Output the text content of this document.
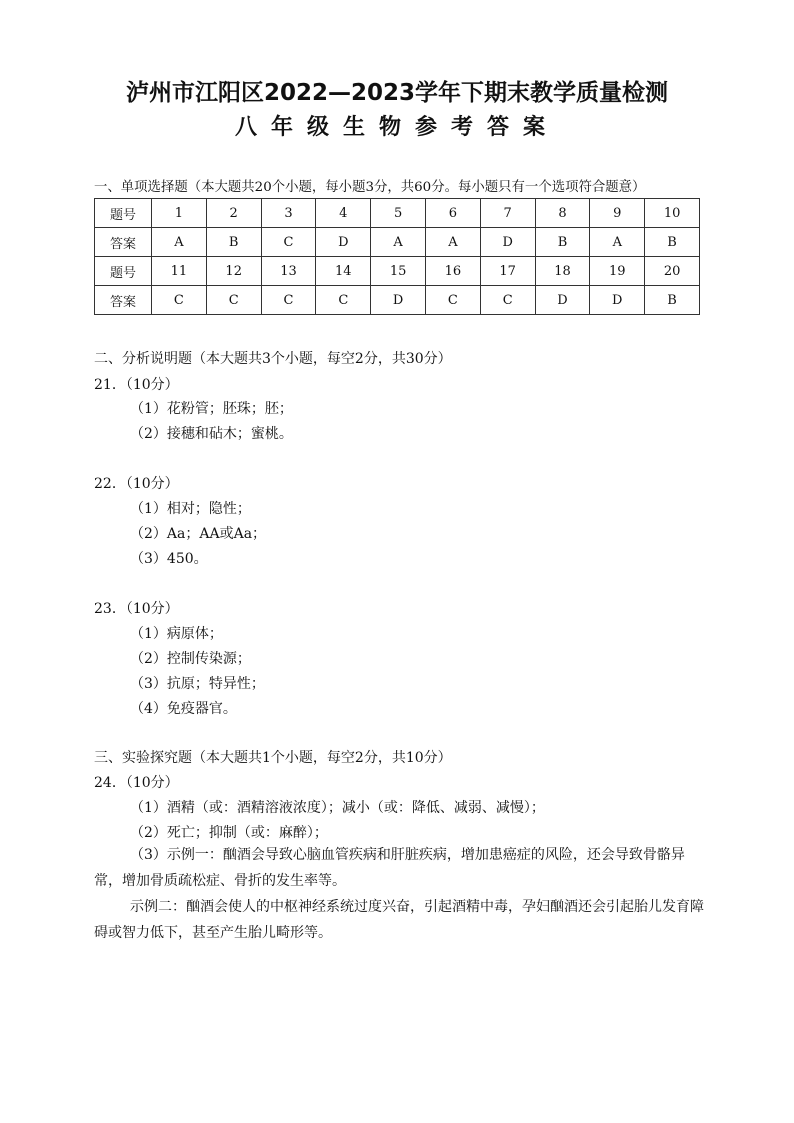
泸州市江阳区2022—2023学年下期末教学质量检测
八年级生物参考答案
一、单项选择题（本大题共20个小题，每小题3分，共60分。每小题只有一个选项符合题意）
题号	1	2	3	4	5	6	7	8	9	10
答案	A	B	C	D	A	A	D	B	A	B
题号	11	12	13	14	15	16	17	18	19	20
答案	C	C	C	C	D	C	C	D	D	B
二、分析说明题（本大题共3个小题，每空2分，共30分）
21．（10分）
（1）花粉管；胚珠；胚；
（2）接穗和砧木；蜜桃。
22．（10分）
（1）相对；隐性；
（2）Aa；AA或Aa；
（3）450。
23．（10分）
（1）病原体；
（2）控制传染源；
（3）抗原；特异性；
（4）免疫器官。
三、实验探究题（本大题共1个小题，每空2分，共10分）
24．（10分）
（1）酒精（或：酒精溶液浓度）；减小（或：降低、减弱、减慢）；
（2）死亡；抑制（或：麻醉）；
（3）示例一：酗酒会导致心脑血管疾病和肝脏疾病，增加患癌症的风险，还会导致骨骼异常，增加骨质疏松症、骨折的发生率等。
示例二：酗酒会使人的中枢神经系统过度兴奋，引起酒精中毒，孕妇酗酒还会引起胎儿发育障碍或智力低下，甚至产生胎儿畸形等。
